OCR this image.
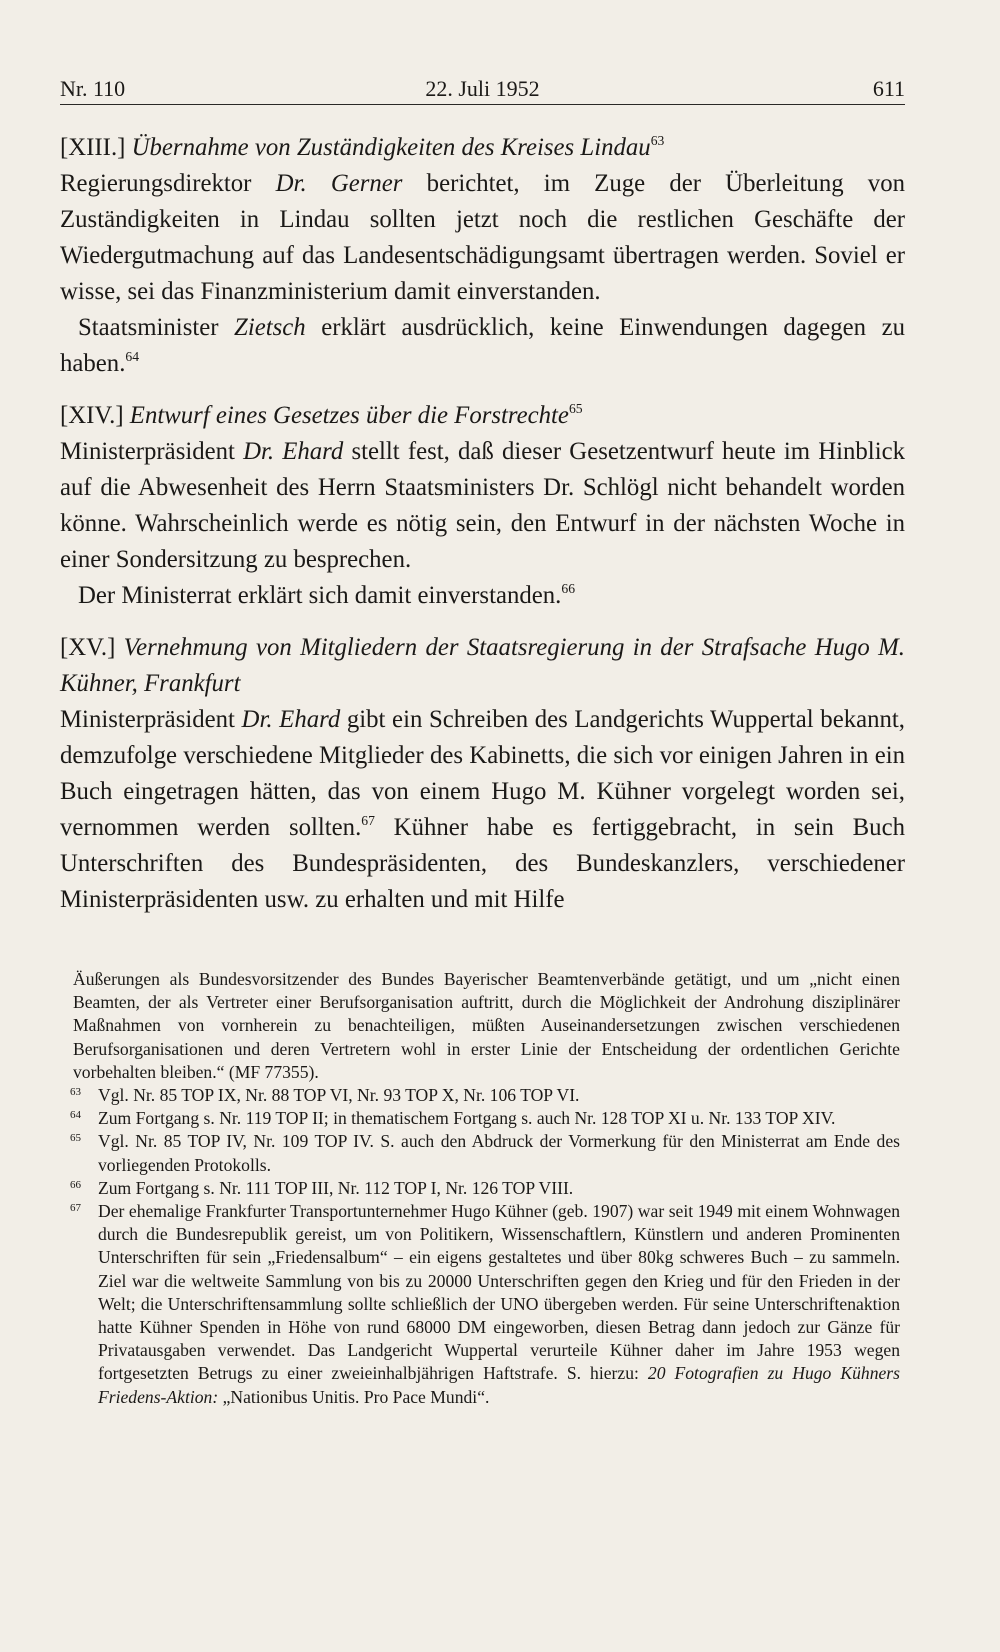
Nr. 110	22. Juli 1952	611

[XIII.] Übernahme von Zuständigkeiten des Kreises Lindau$^{63}$

Regierungsdirektor Dr. Gerner berichtet, im Zuge der Überleitung von Zuständigkeiten in Lindau sollten jetzt noch die restlichen Geschäfte der Wiedergutmachung auf das Landesentschädigungsamt übertragen werden. Soviel er wisse, sei das Finanzministerium damit einverstanden.

Staatsminister Zietsch erklärt ausdrücklich, keine Einwendungen dagegen zu haben.$^{64}$

[XIV.] Entwurf eines Gesetzes über die Forstrechte$^{65}$

Ministerpräsident Dr. Ehard stellt fest, daß dieser Gesetzentwurf heute im Hinblick auf die Abwesenheit des Herrn Staatsministers Dr. Schlögl nicht behandelt worden könne. Wahrscheinlich werde es nötig sein, den Entwurf in der nächsten Woche in einer Sondersitzung zu besprechen.

Der Ministerrat erklärt sich damit einverstanden.$^{66}$

[XV.] Vernehmung von Mitgliedern der Staatsregierung in der Strafsache Hugo M. Kühner, Frankfurt

Ministerpräsident Dr. Ehard gibt ein Schreiben des Landgerichts Wuppertal bekannt, demzufolge verschiedene Mitglieder des Kabinetts, die sich vor einigen Jahren in ein Buch eingetragen hätten, das von einem Hugo M. Kühner vorgelegt worden sei, vernommen werden sollten.$^{67}$ Kühner habe es fertiggebracht, in sein Buch Unterschriften des Bundespräsidenten, des Bundeskanzlers, verschiedener Ministerpräsidenten usw. zu erhalten und mit Hilfe

Äußerungen als Bundesvorsitzender des Bundes Bayerischer Beamtenverbände getätigt, und um „nicht einen Beamten, der als Vertreter einer Berufsorganisation auftritt, durch die Möglichkeit der Androhung disziplinärer Maßnahmen von vornherein zu benachteiligen, müßten Auseinandersetzungen zwischen verschiedenen Berufsorganisationen und deren Vertretern wohl in erster Linie der Entscheidung der ordentlichen Gerichte vorbehalten bleiben.“ (MF 77355).
63 Vgl. Nr. 85 TOP IX, Nr. 88 TOP VI, Nr. 93 TOP X, Nr. 106 TOP VI.
64 Zum Fortgang s. Nr. 119 TOP II; in thematischem Fortgang s. auch Nr. 128 TOP XI u. Nr. 133 TOP XIV.
65 Vgl. Nr. 85 TOP IV, Nr. 109 TOP IV. S. auch den Abdruck der Vormerkung für den Ministerrat am Ende des vorliegenden Protokolls.
66 Zum Fortgang s. Nr. 111 TOP III, Nr. 112 TOP I, Nr. 126 TOP VIII.
67 Der ehemalige Frankfurter Transportunternehmer Hugo Kühner (geb. 1907) war seit 1949 mit einem Wohnwagen durch die Bundesrepublik gereist, um von Politikern, Wissenschaftlern, Künstlern und anderen Prominenten Unterschriften für sein „Friedensalbum“ – ein eigens gestaltetes und über 80kg schweres Buch – zu sammeln. Ziel war die weltweite Sammlung von bis zu 20000 Unterschriften gegen den Krieg und für den Frieden in der Welt; die Unterschriftensammlung sollte schließlich der UNO übergeben werden. Für seine Unterschriftenaktion hatte Kühner Spenden in Höhe von rund 68000 DM eingeworben, diesen Betrag dann jedoch zur Gänze für Privatausgaben verwendet. Das Landgericht Wuppertal verurteile Kühner daher im Jahre 1953 wegen fortgesetzten Betrugs zu einer zweieinhalbjährigen Haftstrafe. S. hierzu: 20 Fotografien zu Hugo Kühners Friedens-Aktion: „Nationibus Unitis. Pro Pace Mundi“.
